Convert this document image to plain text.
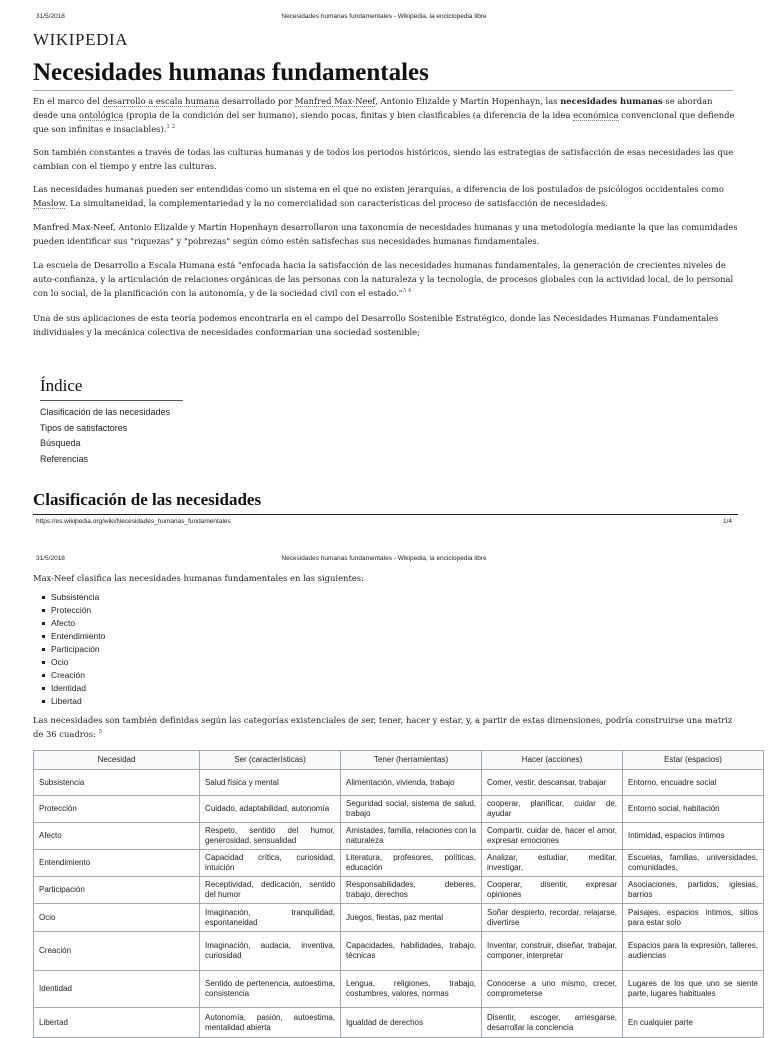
31/5/2018	Necesidades humanas fundamentales - Wikipedia, la enciclopedia libre
WIKIPEDIA
Necesidades humanas fundamentales

En el marco del desarrollo a escala humana desarrollado por Manfred Max-Neef, Antonio Elizalde y Martín Hopenhayn, las necesidades humanas se abordan desde una ontológica (propia de la condición del ser humano), siendo pocas, finitas y bien clasificables (a diferencia de la idea económica convencional que defiende que son infinitas e insaciables).$^{1 2}$

Son también constantes a través de todas las culturas humanas y de todos los periodos históricos, siendo las estrategias de satisfacción de esas necesidades las que cambian con el tiempo y entre las culturas.

Las necesidades humanas pueden ser entendidas como un sistema en el que no existen jerarquías, a diferencia de los postulados de psicólogos occidentales como Maslow. La simultaneidad, la complementariedad y la no comercialidad son características del proceso de satisfacción de necesidades.

Manfred Max-Neef, Antonio Elizalde y Martín Hopenhayn desarrollaron una taxonomía de necesidades humanas y una metodología mediante la que las comunidades pueden identificar sus "riquezas" y "pobrezas" según cómo estén satisfechas sus necesidades humanas fundamentales.

La escuela de Desarrollo a Escala Humana está "enfocada hacia la satisfacción de las necesidades humanas fundamentales, la generación de crecientes niveles de auto-confianza, y la articulación de relaciones orgánicas de las personas con la naturaleza y la tecnología, de procesos globales con la actividad local, de lo personal con lo social, de la planificación con la autonomía, y de la sociedad civil con el estado."$^{3 4}$

Una de sus aplicaciones de esta teoría podemos encontrarla en el campo del Desarrollo Sostenible Estratégico, donde las Necesidades Humanas Fundamentales individuales y la mecánica colectiva de necesidades conformarían una sociedad sostenible;

Índice
Clasificación de las necesidades
Tipos de satisfactores
Búsqueda
Referencias
Clasificación de las necesidades
https://es.wikipedia.org/wiki/Necesidades_humanas_fundamentales	1/4
31/5/2018	Necesidades humanas fundamentales - Wikipedia, la enciclopedia libre

Max-Neef clasifica las necesidades humanas fundamentales en las siguientes:

Subsistencia
Protección
Afecto
Entendimiento
Participación
Ocio
Creación
Identidad
Libertad

Las necesidades son también definidas según las categorías existenciales de ser, tener, hacer y estar, y, a partir de estas dimensiones, podría construirse una matriz de 36 cuadros: $^5$

Necesidad	Ser (características)	Tener (herramientas)	Hacer (acciones)	Estar (espacios)
Subsistencia	Salud física y mental	Alimentación, vivienda, trabajo	Comer, vestir, descansar, trabajar	Entorno, encuadre social
Protección	Cuidado, adaptabilidad, autonomía	Seguridad social, sistema de salud, trabajo	cooperar, planificar, cuidar de, ayudar	Entorno social, habitación
Afecto	Respeto, sentido del humor, generosidad, sensualidad	Amistades, familia, relaciones con la naturaleza	Compartir, cuidar de, hacer el amor, expresar emociones	Intimidad, espacios íntimos
Entendimiento	Capacidad crítica, curiosidad, intuición	Literatura, profesores, políticas, educación	Analizar, estudiar, meditar, investigar,	Escuelas, familias, universidades, comunidades,
Participación	Receptividad, dedicación, sentido del humor	Responsabilidades, deberes, trabajo, derechos	Cooperar, disentir, expresar opiniones	Asociaciones, partidos, iglesias, barrios
Ocio	Imaginación, tranquilidad, espontaneidad	Juegos, fiestas, paz mental	Soñar despierto, recordar, relajarse, divertirse	Paisajes, espacios íntimos, sitios para estar solo
Creación	Imaginación, audacia, inventiva, curiosidad	Capacidades, habilidades, trabajo, técnicas	Inventar, construir, diseñar, trabajar, componer, interpretar	Espacios para la expresión, talleres, audiencias
Identidad	Sentido de pertenencia, autoestima, consistencia	Lengua, religiones, trabajo, costumbres, valores, normas	Conocerse a uno mismo, crecer, comprometerse	Lugares de los que uno se siente parte, lugares habituales
Libertad	Autonomía, pasión, autoestima, mentalidad abierta	Igualdad de derechos	Disentir, escoger, arriesgarse, desarrollar la conciencia	En cualquier parte
